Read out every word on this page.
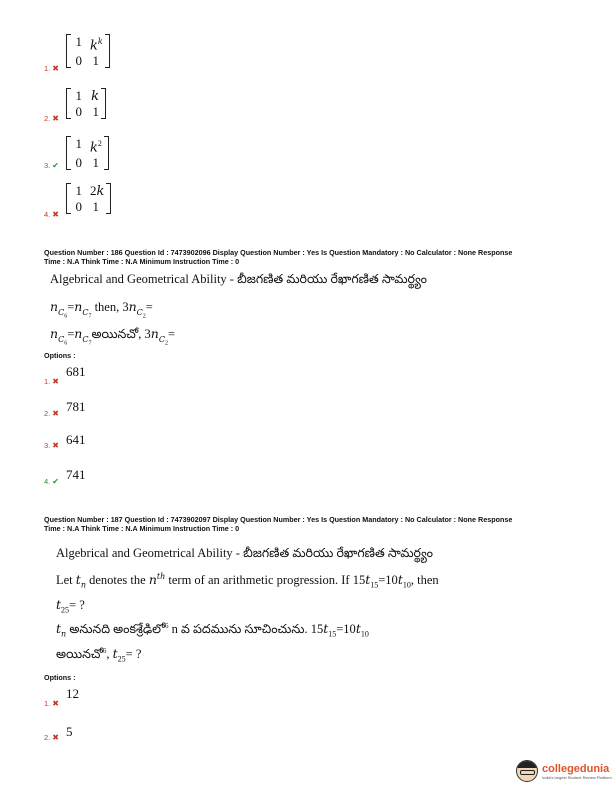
1 $k^k$
0 1
1. ✖
1 k
0 1
2. ✖
1 $k^2$
0 1
3. ✔
1 2k
0 1
4. ✖
Question Number : 186 Question Id : 7473902096 Display Question Number : Yes Is Question Mandatory : No Calculator : None Response
Time : N.A Think Time : N.A Minimum Instruction Time : 0
Algebrical and Geometrical Ability - బీజగణిత మరియు రేఖాగణిత సామర్థ్యం
$n_{C_6}=n_{C_7}$ then, $3n_{C_2}=$
$n_{C_6}=n_{C_7}అయినచో$, $3n_{C_2}=$
Options :
681
1. ✖
781
2. ✖
641
3. ✖
741
4. ✔
Question Number : 187 Question Id : 7473902097 Display Question Number : Yes Is Question Mandatory : No Calculator : None Response
Time : N.A Think Time : N.A Minimum Instruction Time : 0
Algebrical and Geometrical Ability - బీజగణిత మరియు రేఖాగణిత సామర్థ్యం
Let $t_n$ denotes the $n^{th}$ term of an arithmetic progression. If $15t_{15}=10t_{10}$, then
$t_{25}=$ ?
$t_n$ అనునది అంకశ్రేఢిలో$^6$ n వ పదమును సూచించును. $15t_{15}=10t_{10}$
అయినచో$^6$, $t_{25}=$ ?
Options :
12
1. ✖
5
2. ✖
collegedunia
India's largest Student Review Platform
